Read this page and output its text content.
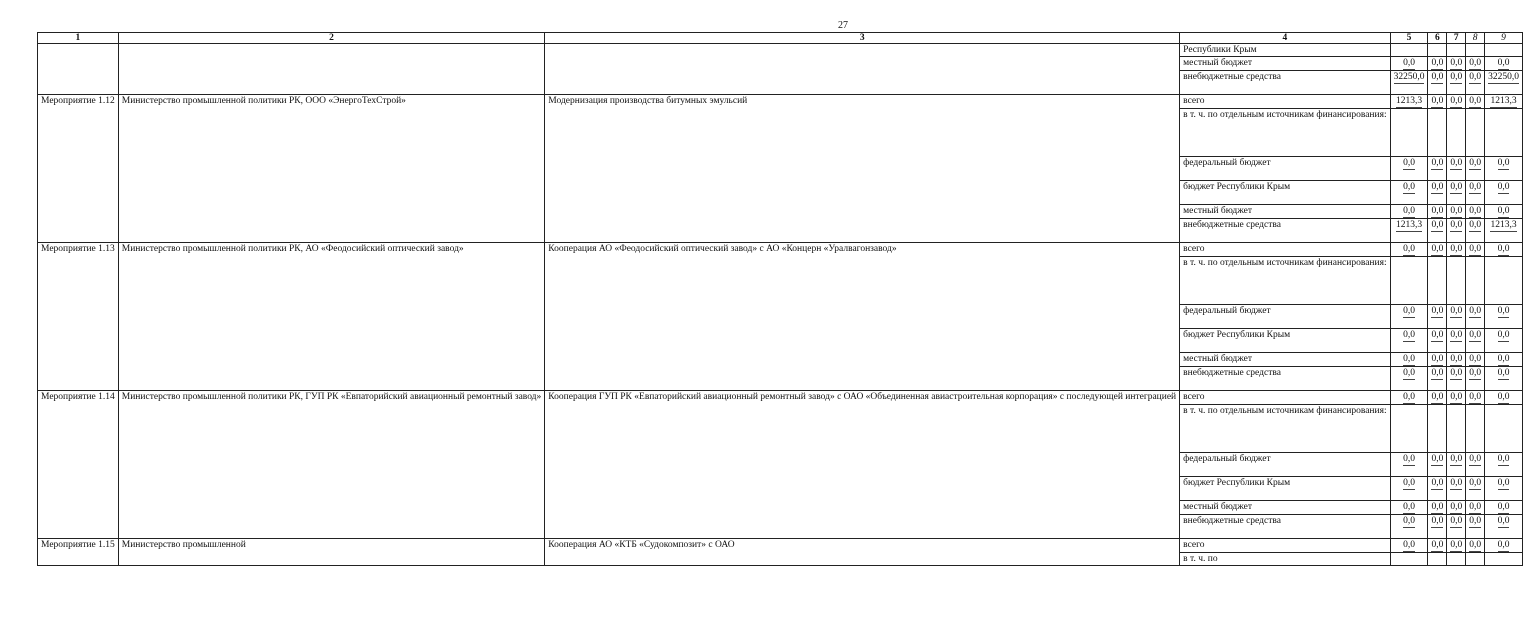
27
1	2	3	4	5	6	7	8	9
			Республики Крым					
			местный бюджет	0,0	0,0	0,0	0,0	0,0
			внебюджетные средства	32250,0	0,0	0,0	0,0	32250,0
Мероприятие 1.12	Министерство промышленной политики РК, ООО «ЭнергоТехСтрой»	Модернизация производства битумных эмульсий	всего	1213,3	0,0	0,0	0,0	1213,3
			в т. ч. по отдельным источникам финансирования:					
			федеральный бюджет	0,0	0,0	0,0	0,0	0,0
			бюджет Республики Крым	0,0	0,0	0,0	0,0	0,0
			местный бюджет	0,0	0,0	0,0	0,0	0,0
			внебюджетные средства	1213,3	0,0	0,0	0,0	1213,3
Мероприятие 1.13	Министерство промышленной политики РК, АО «Феодосийский оптический завод»	Кооперация АО «Феодосийский оптический завод» с АО «Концерн «Уралвагонзавод»	всего	0,0	0,0	0,0	0,0	0,0
			в т. ч. по отдельным источникам финансирования:					
			федеральный бюджет	0,0	0,0	0,0	0,0	0,0
			бюджет Республики Крым	0,0	0,0	0,0	0,0	0,0
			местный бюджет	0,0	0,0	0,0	0,0	0,0
			внебюджетные средства	0,0	0,0	0,0	0,0	0,0
Мероприятие 1.14	Министерство промышленной политики РК, ГУП РК «Евпаторийский авиационный ремонтный завод»	Кооперация ГУП РК «Евпаторийский авиационный ремонтный завод» с ОАО «Объединенная авиастроительная корпорация» с последующей интеграцией	всего	0,0	0,0	0,0	0,0	0,0
			в т. ч. по отдельным источникам финансирования:					
			федеральный бюджет	0,0	0,0	0,0	0,0	0,0
			бюджет Республики Крым	0,0	0,0	0,0	0,0	0,0
			местный бюджет	0,0	0,0	0,0	0,0	0,0
			внебюджетные средства	0,0	0,0	0,0	0,0	0,0
Мероприятие 1.15	Министерство промышленной	Кооперация АО «КТБ «Судокомпозит» с ОАО	всего	0,0	0,0	0,0	0,0	0,0
			в т. ч. по					
